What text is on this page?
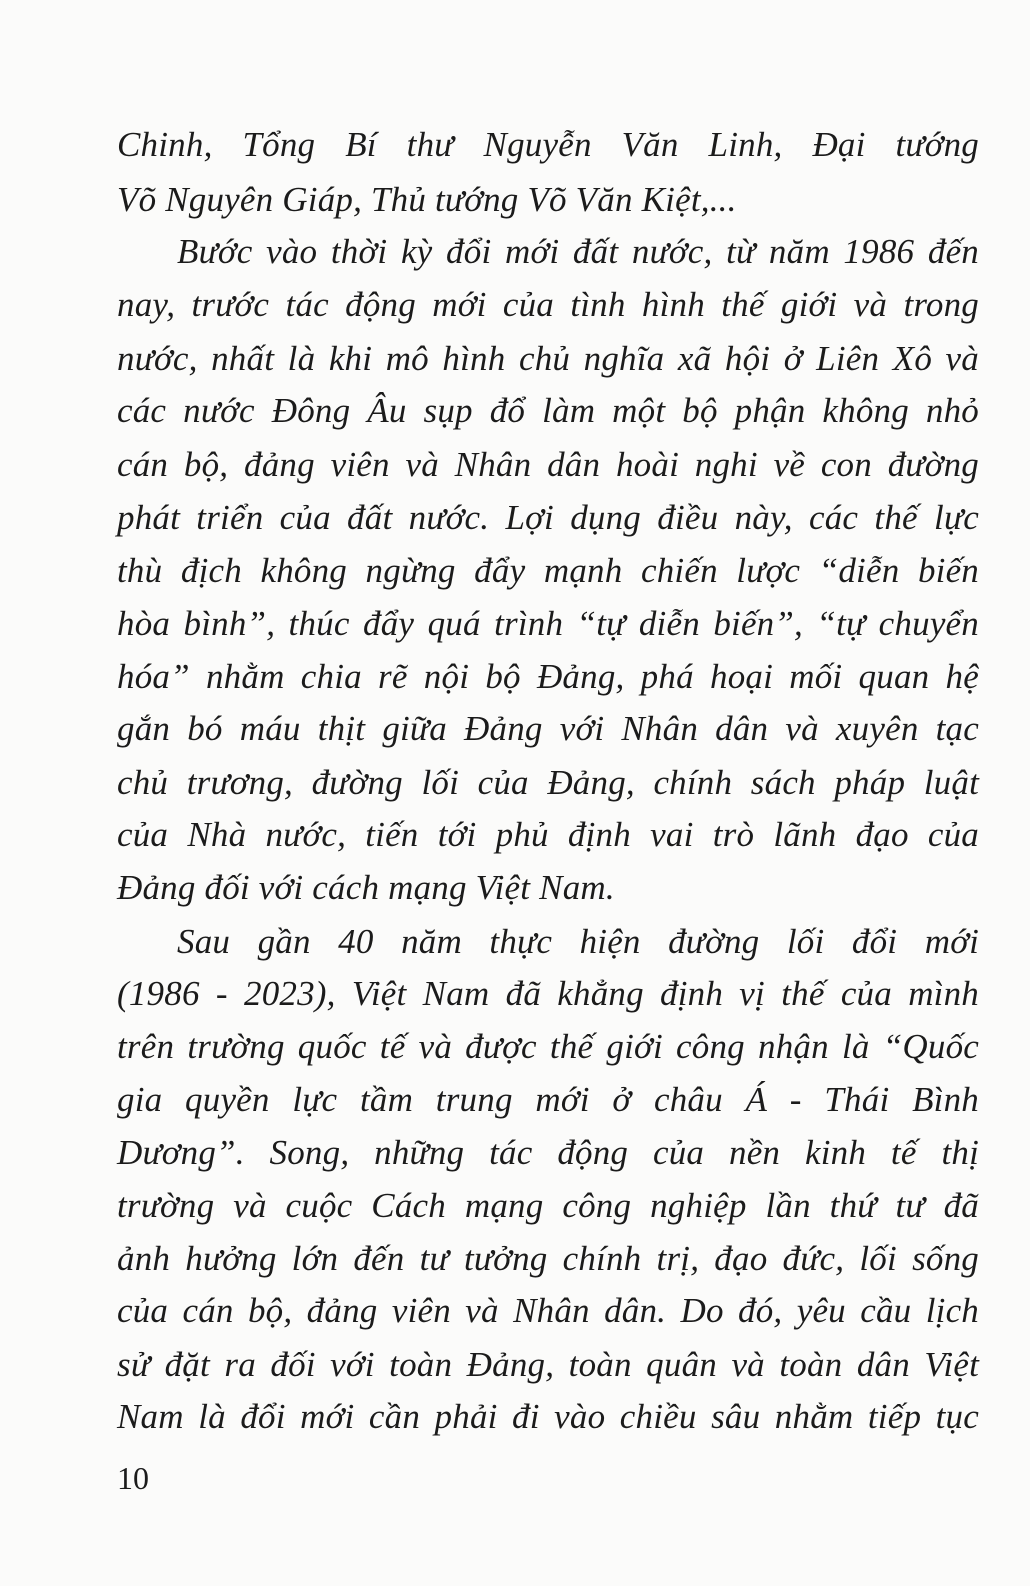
Chinh, Tổng Bí thư Nguyễn Văn Linh, Đại tướng
Võ Nguyên Giáp, Thủ tướng Võ Văn Kiệt,...
Bước vào thời kỳ đổi mới đất nước, từ năm 1986 đến
nay, trước tác động mới của tình hình thế giới và trong
nước, nhất là khi mô hình chủ nghĩa xã hội ở Liên Xô và
các nước Đông Âu sụp đổ làm một bộ phận không nhỏ
cán bộ, đảng viên và Nhân dân hoài nghi về con đường
phát triển của đất nước. Lợi dụng điều này, các thế lực
thù địch không ngừng đẩy mạnh chiến lược “diễn biến
hòa bình”, thúc đẩy quá trình “tự diễn biến”, “tự chuyển
hóa” nhằm chia rẽ nội bộ Đảng, phá hoại mối quan hệ
gắn bó máu thịt giữa Đảng với Nhân dân và xuyên tạc
chủ trương, đường lối của Đảng, chính sách pháp luật
của Nhà nước, tiến tới phủ định vai trò lãnh đạo của
Đảng đối với cách mạng Việt Nam.
Sau gần 40 năm thực hiện đường lối đổi mới
(1986 - 2023), Việt Nam đã khẳng định vị thế của mình
trên trường quốc tế và được thế giới công nhận là “Quốc
gia quyền lực tầm trung mới ở châu Á - Thái Bình
Dương”. Song, những tác động của nền kinh tế thị
trường và cuộc Cách mạng công nghiệp lần thứ tư đã
ảnh hưởng lớn đến tư tưởng chính trị, đạo đức, lối sống
của cán bộ, đảng viên và Nhân dân. Do đó, yêu cầu lịch
sử đặt ra đối với toàn Đảng, toàn quân và toàn dân Việt
Nam là đổi mới cần phải đi vào chiều sâu nhằm tiếp tục
10
